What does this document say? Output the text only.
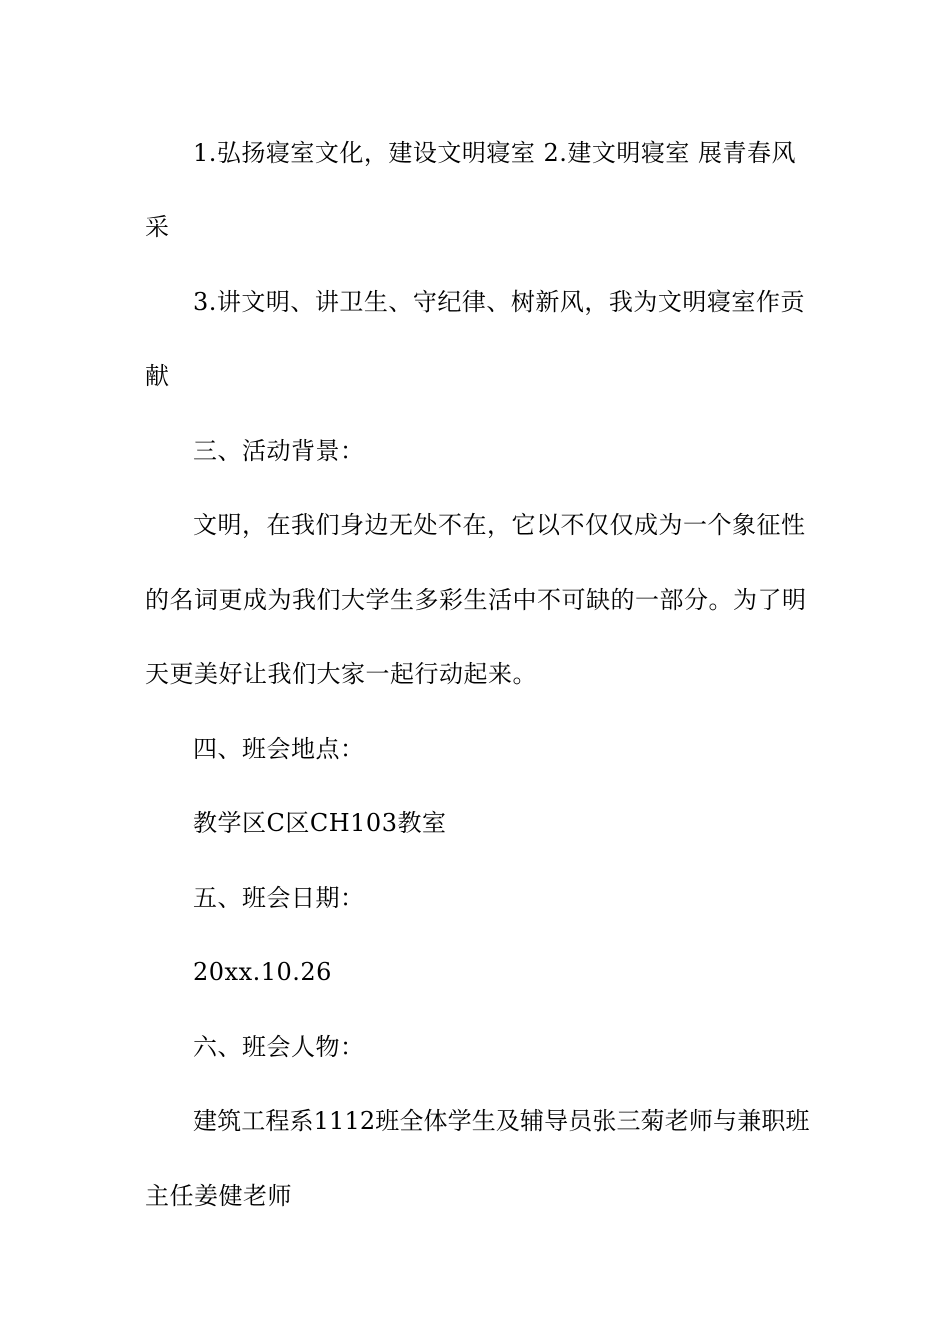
1.弘扬寝室文化，建设文明寝室 2.建文明寝室 展青春风
采
3.讲文明、讲卫生、守纪律、树新风，我为文明寝室作贡
献
三、活动背景：
文明，在我们身边无处不在，它以不仅仅成为一个象征性
的名词更成为我们大学生多彩生活中不可缺的一部分。为了明
天更美好让我们大家一起行动起来。
四、班会地点：
教学区C区CH103教室
五、班会日期：
20xx.10.26
六、班会人物：
建筑工程系1112班全体学生及辅导员张三菊老师与兼职班
主任姜健老师
